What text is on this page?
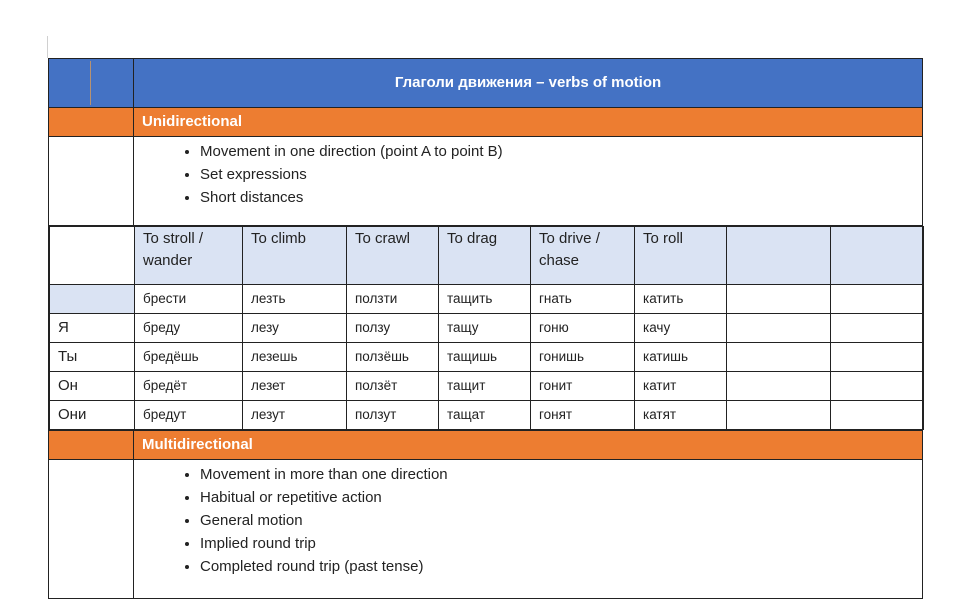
	Глаголи движения – verbs of motion
	Unidirectional

• Movement in one direction (point A to point B)
• Set expressions
• Short distances

	To stroll / wander	To climb	To crawl	To drag	To drive / chase	To roll		
	брести	лезть	ползти	тащить	гнать	катить		
Я	бреду	лезу	ползу	тащу	гоню	качу		
Ты	бредёшь	лезешь	ползёшь	тащишь	гонишь	катишь		
Он	бредёт	лезет	ползёт	тащит	гонит	катит		
Они	бредут	лезут	ползут	тащат	гонят	катят		

	Multidirectional

• Movement in more than one direction
• Habitual or repetitive action
• General motion
• Implied round trip
• Completed round trip (past tense)
